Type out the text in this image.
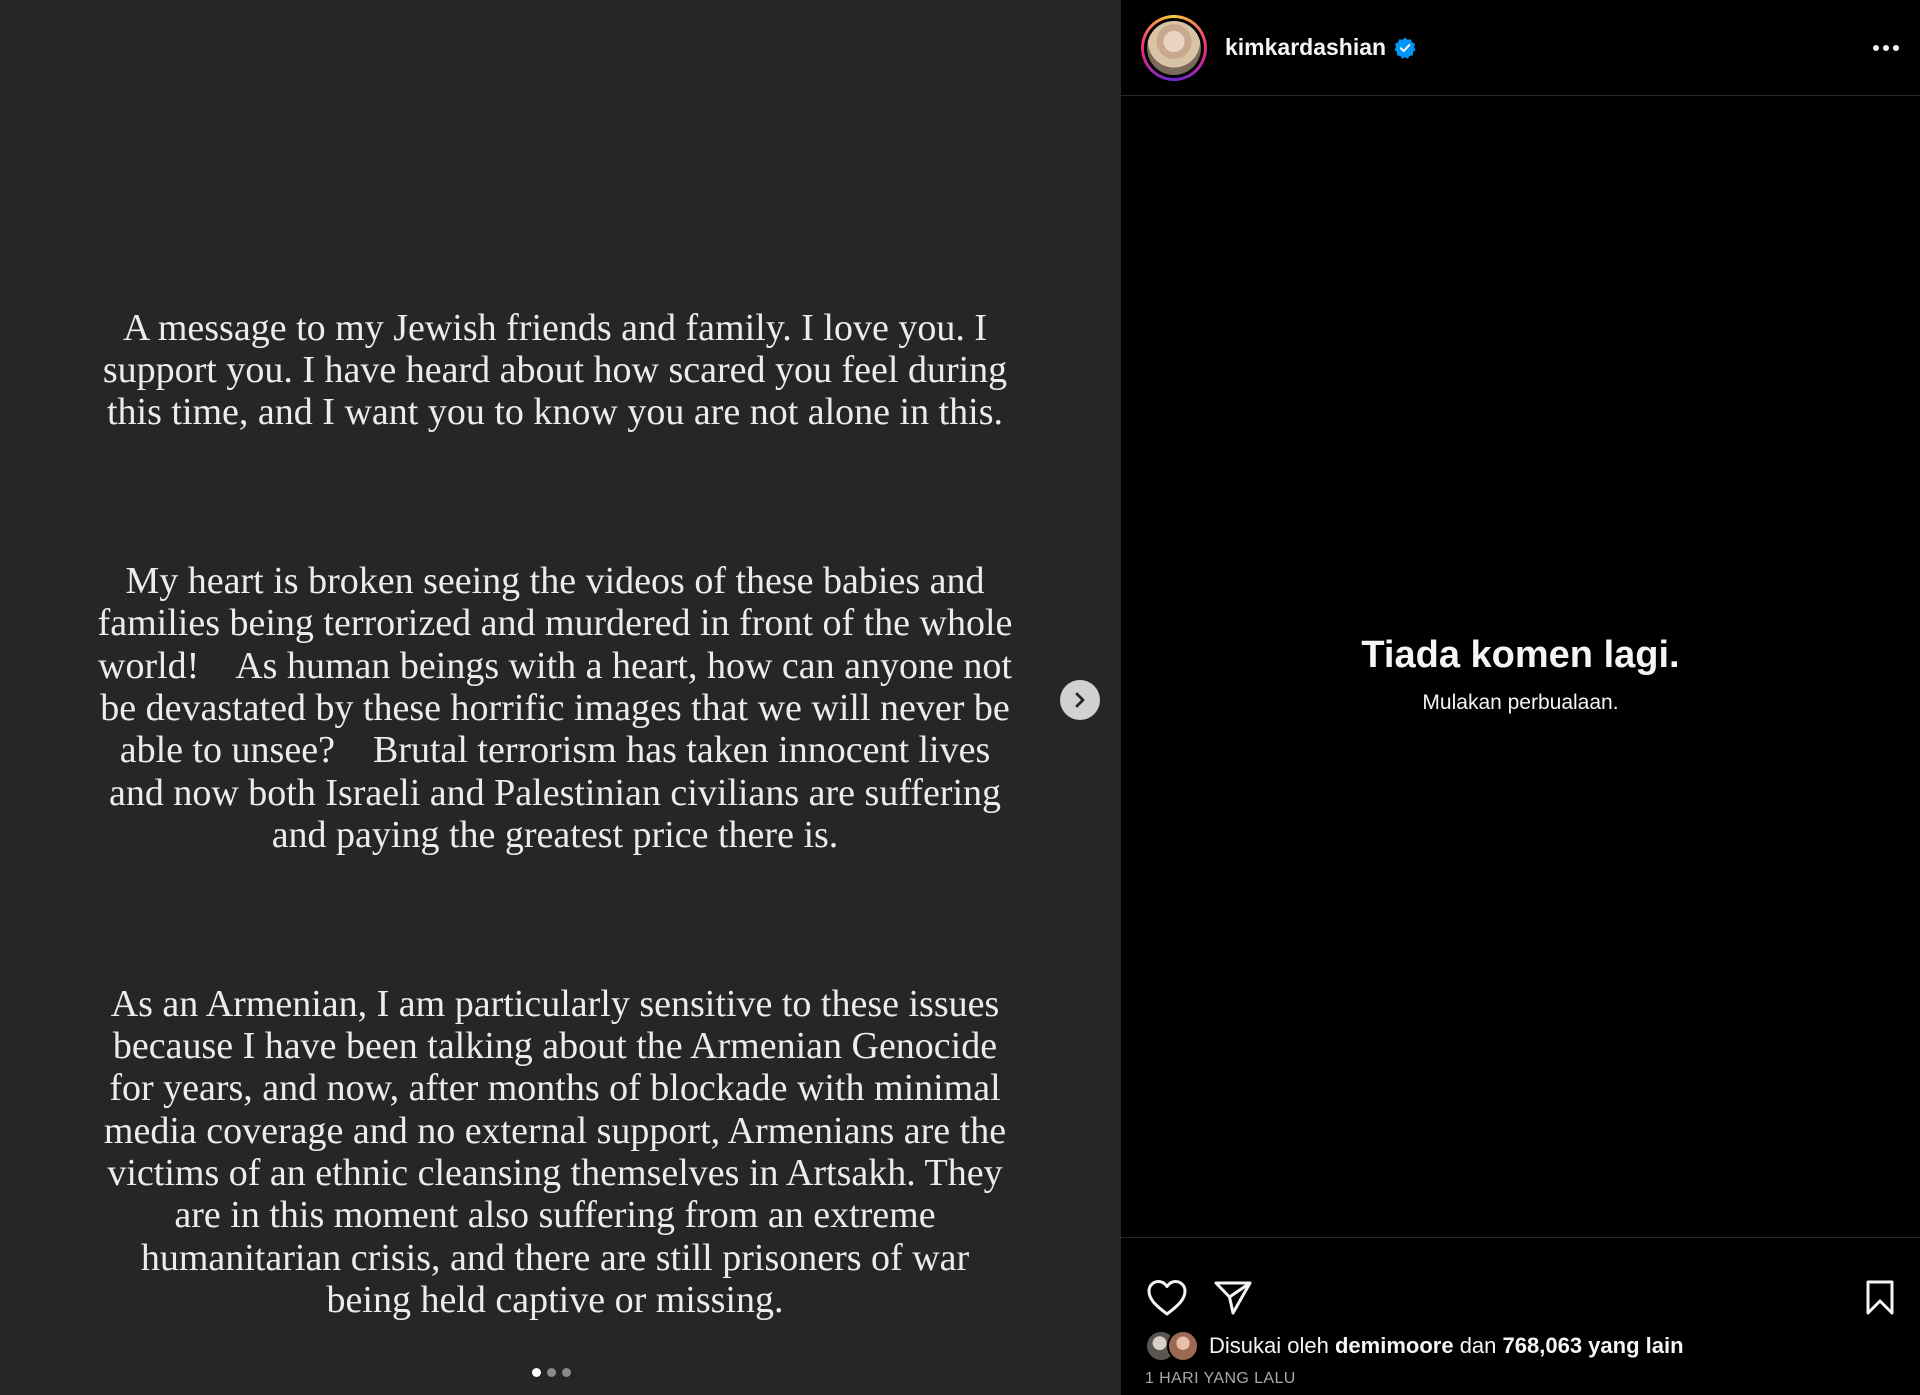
A message to my Jewish friends and family. I love you. I support you. I have heard about how scared you feel during this time, and I want you to know you are not alone in this.

My heart is broken seeing the videos of these babies and families being terrorized and murdered in front of the whole world!    As human beings with a heart, how can anyone not be devastated by these horrific images that we will never be able to unsee?    Brutal terrorism has taken innocent lives and now both Israeli and Palestinian civilians are suffering and paying the greatest price there is.

As an Armenian, I am particularly sensitive to these issues because I have been talking about the Armenian Genocide for years, and now, after months of blockade with minimal media coverage and no external support, Armenians are the victims of an ethnic cleansing themselves in Artsakh. They are in this moment also suffering from an extreme humanitarian crisis, and there are still prisoners of war being held captive or missing.

kimkardashian
Tiada komen lagi.
Mulakan perbualaan.
Disukai oleh
demimoore
dan
768,063 yang lain
1 HARI YANG LALU
